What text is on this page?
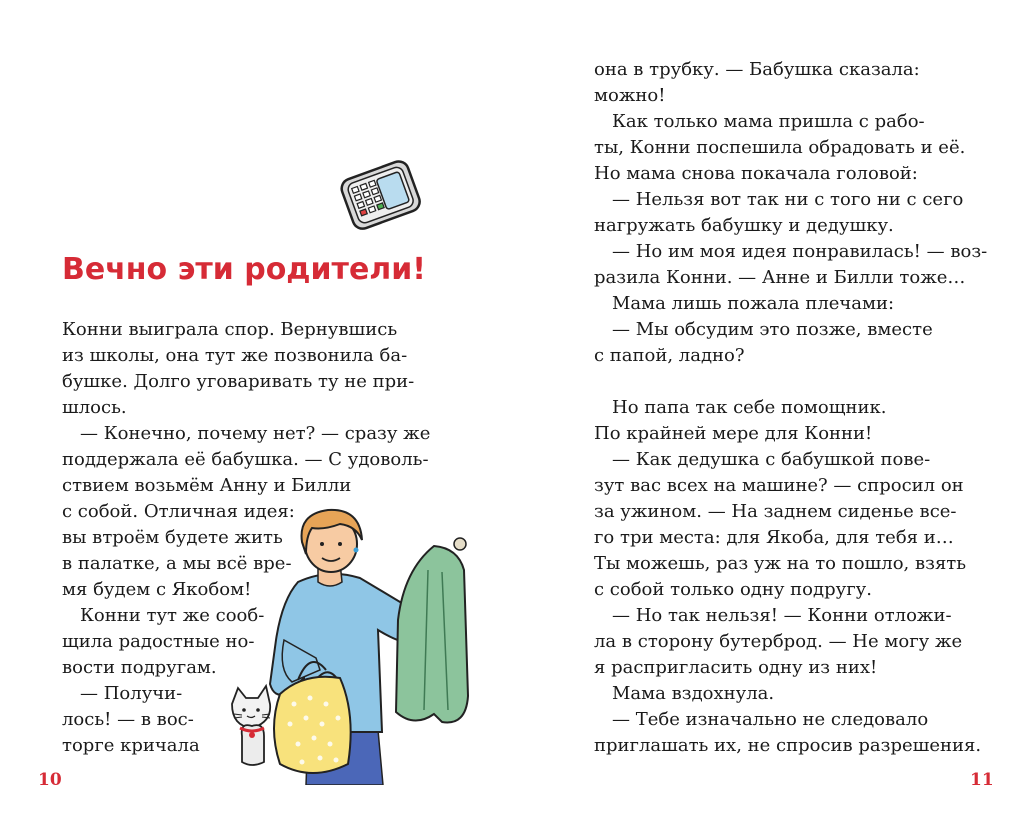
Вечно эти родители!
Конни выиграла спор. Вернувшись
из школы, она тут же позвонила ба-
бушке. Долго уговаривать ту не при-
шлось.
— Конечно, почему нет? — сразу же
поддержала её бабушка. — С удоволь-
ствием возьмём Анну и Билли
с собой. Отличная идея:
вы втроём будете жить
в палатке, а мы всё вре-
мя будем с Якобом!
Конни тут же сооб-
щила радостные но-
вости подругам.
— Получи-
лось! — в вос-
торге кричала
она в трубку. — Бабушка сказала:
можно!
Как только мама пришла с рабо-
ты, Конни поспешила обрадовать и её.
Но мама снова покачала головой:
— Нельзя вот так ни с того ни с сего
нагружать бабушку и дедушку.
— Но им моя идея понравилась! — воз-
разила Конни. — Анне и Билли тоже…
Мама лишь пожала плечами:
— Мы обсудим это позже, вместе
с папой, ладно?
Но папа так себе помощник.
По крайней мере для Конни!
— Как дедушка с бабушкой пове-
зут вас всех на машине? — спросил он
за ужином. — На заднем сиденье все-
го три места: для Якоба, для тебя и…
Ты можешь, раз уж на то пошло, взять
с собой только одну подругу.
— Но так нельзя! — Конни отложи-
ла в сторону бутерброд. — Не могу же
я распригласить одну из них!
Мама вздохнула.
— Тебе изначально не следовало
приглашать их, не спросив разрешения.
10	11
